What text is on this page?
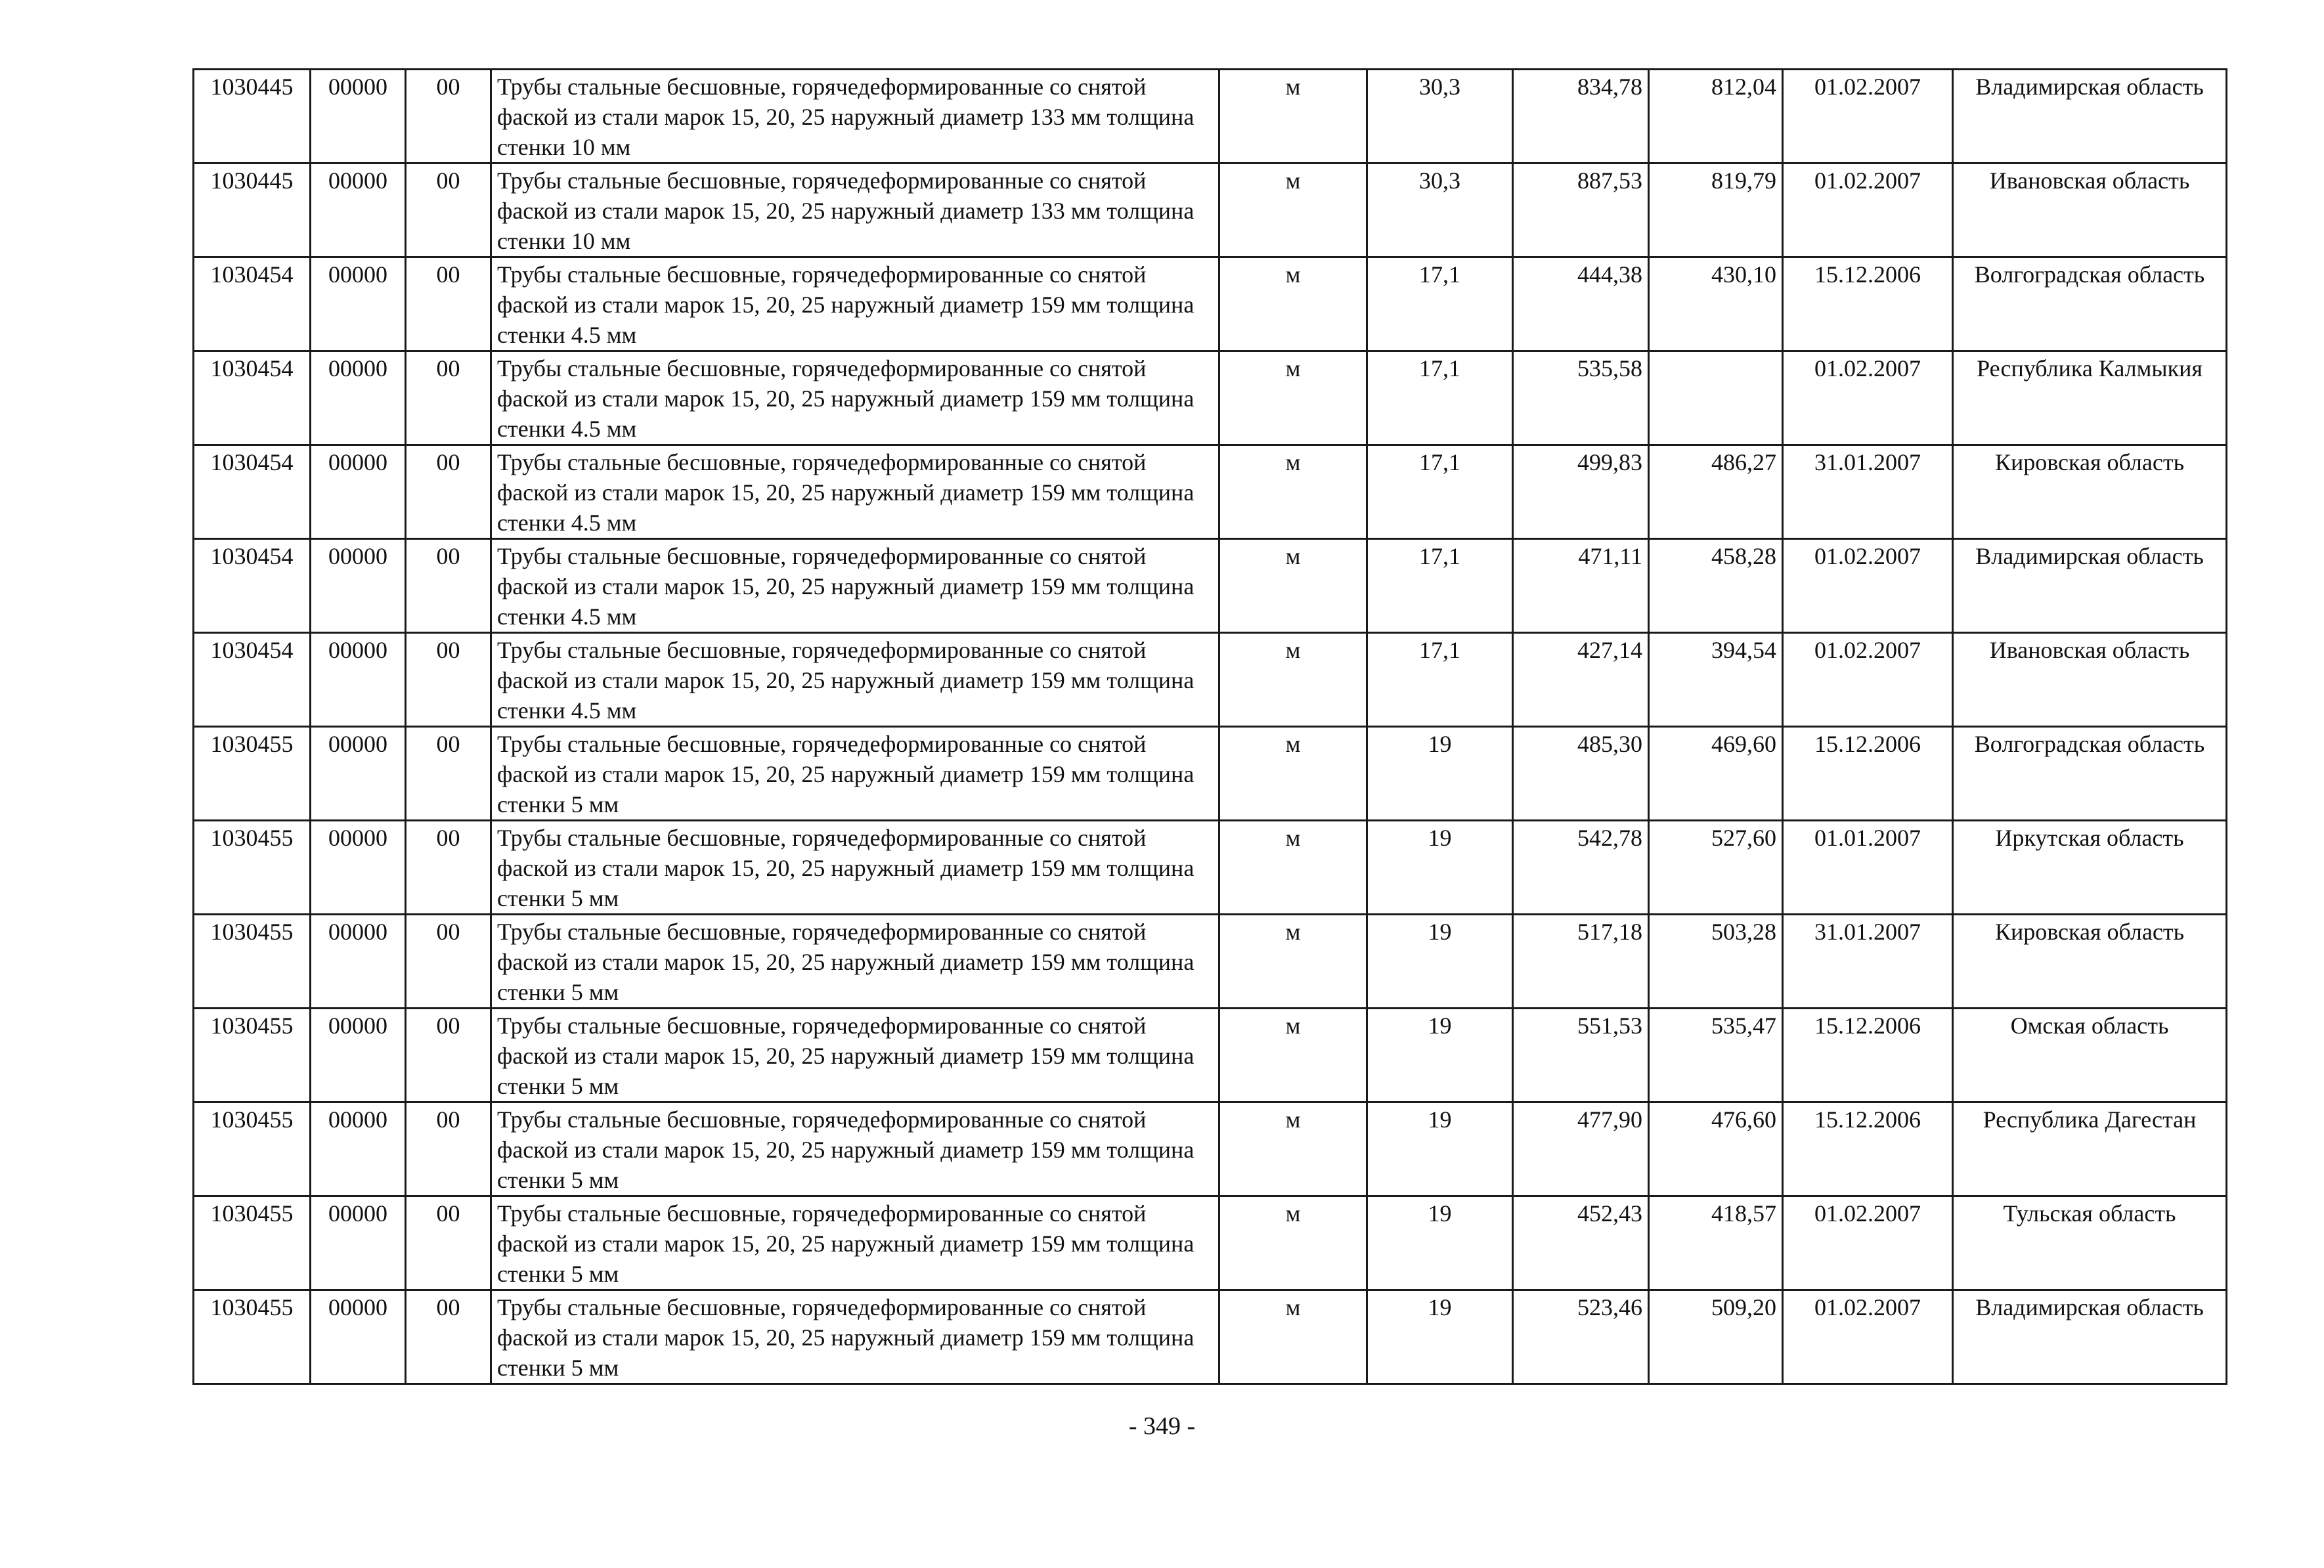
1030445	00000	00	Трубы стальные бесшовные, горячедеформированные со снятой фаской из стали марок 15, 20, 25 наружный диаметр 133 мм толщина стенки 10 мм	м	30,3	834,78	812,04	01.02.2007	Владимирская область
1030445	00000	00	Трубы стальные бесшовные, горячедеформированные со снятой фаской из стали марок 15, 20, 25 наружный диаметр 133 мм толщина стенки 10 мм	м	30,3	887,53	819,79	01.02.2007	Ивановская область
1030454	00000	00	Трубы стальные бесшовные, горячедеформированные со снятой фаской из стали марок 15, 20, 25 наружный диаметр 159 мм толщина стенки 4.5 мм	м	17,1	444,38	430,10	15.12.2006	Волгоградская область
1030454	00000	00	Трубы стальные бесшовные, горячедеформированные со снятой фаской из стали марок 15, 20, 25 наружный диаметр 159 мм толщина стенки 4.5 мм	м	17,1	535,58		01.02.2007	Республика Калмыкия
1030454	00000	00	Трубы стальные бесшовные, горячедеформированные со снятой фаской из стали марок 15, 20, 25 наружный диаметр 159 мм толщина стенки 4.5 мм	м	17,1	499,83	486,27	31.01.2007	Кировская область
1030454	00000	00	Трубы стальные бесшовные, горячедеформированные со снятой фаской из стали марок 15, 20, 25 наружный диаметр 159 мм толщина стенки 4.5 мм	м	17,1	471,11	458,28	01.02.2007	Владимирская область
1030454	00000	00	Трубы стальные бесшовные, горячедеформированные со снятой фаской из стали марок 15, 20, 25 наружный диаметр 159 мм толщина стенки 4.5 мм	м	17,1	427,14	394,54	01.02.2007	Ивановская область
1030455	00000	00	Трубы стальные бесшовные, горячедеформированные со снятой фаской из стали марок 15, 20, 25 наружный диаметр 159 мм толщина стенки 5 мм	м	19	485,30	469,60	15.12.2006	Волгоградская область
1030455	00000	00	Трубы стальные бесшовные, горячедеформированные со снятой фаской из стали марок 15, 20, 25 наружный диаметр 159 мм толщина стенки 5 мм	м	19	542,78	527,60	01.01.2007	Иркутская область
1030455	00000	00	Трубы стальные бесшовные, горячедеформированные со снятой фаской из стали марок 15, 20, 25 наружный диаметр 159 мм толщина стенки 5 мм	м	19	517,18	503,28	31.01.2007	Кировская область
1030455	00000	00	Трубы стальные бесшовные, горячедеформированные со снятой фаской из стали марок 15, 20, 25 наружный диаметр 159 мм толщина стенки 5 мм	м	19	551,53	535,47	15.12.2006	Омская область
1030455	00000	00	Трубы стальные бесшовные, горячедеформированные со снятой фаской из стали марок 15, 20, 25 наружный диаметр 159 мм толщина стенки 5 мм	м	19	477,90	476,60	15.12.2006	Республика Дагестан
1030455	00000	00	Трубы стальные бесшовные, горячедеформированные со снятой фаской из стали марок 15, 20, 25 наружный диаметр 159 мм толщина стенки 5 мм	м	19	452,43	418,57	01.02.2007	Тульская область
1030455	00000	00	Трубы стальные бесшовные, горячедеформированные со снятой фаской из стали марок 15, 20, 25 наружный диаметр 159 мм толщина стенки 5 мм	м	19	523,46	509,20	01.02.2007	Владимирская область
- 349 -
